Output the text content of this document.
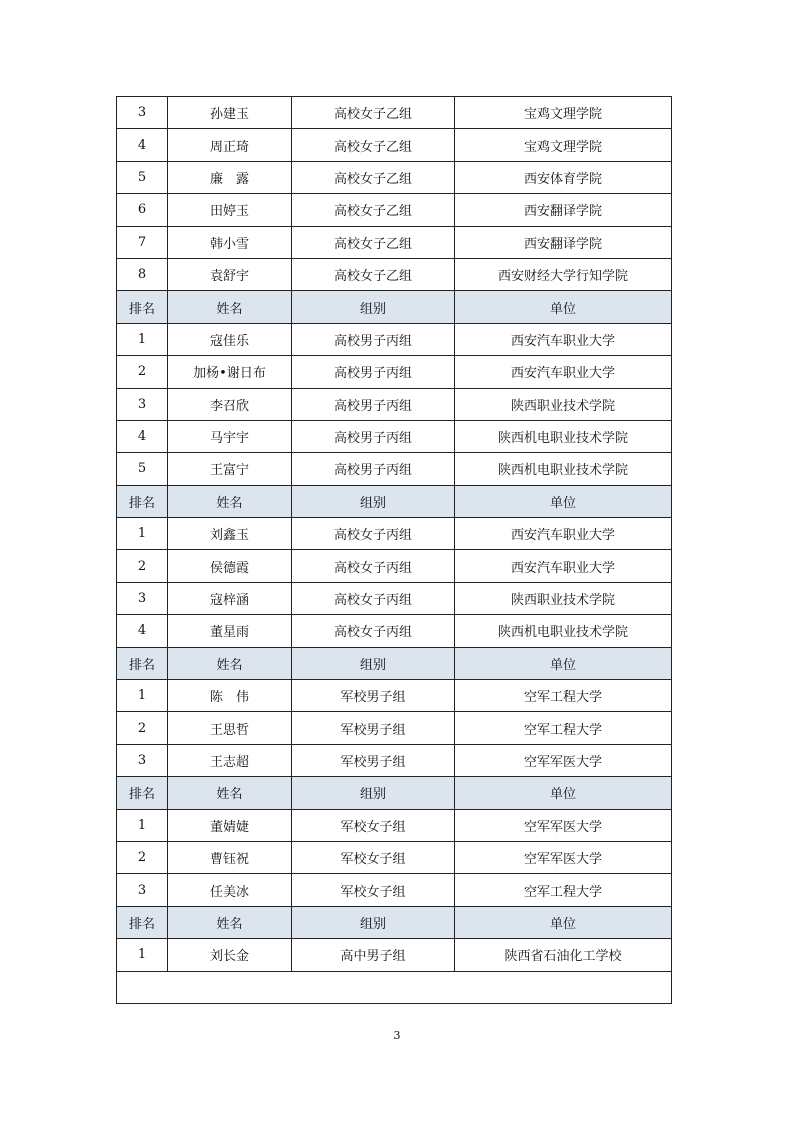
3	孙建玉	高校女子乙组	宝鸡文理学院
4	周正琦	高校女子乙组	宝鸡文理学院
5	廉　露	高校女子乙组	西安体育学院
6	田婷玉	高校女子乙组	西安翻译学院
7	韩小雪	高校女子乙组	西安翻译学院
8	袁舒宇	高校女子乙组	西安财经大学行知学院
排名	姓名	组别	单位
1	寇佳乐	高校男子丙组	西安汽车职业大学
2	加杨•谢日布	高校男子丙组	西安汽车职业大学
3	李召欣	高校男子丙组	陕西职业技术学院
4	马宇宇	高校男子丙组	陕西机电职业技术学院
5	王富宁	高校男子丙组	陕西机电职业技术学院
排名	姓名	组别	单位
1	刘鑫玉	高校女子丙组	西安汽车职业大学
2	侯德霞	高校女子丙组	西安汽车职业大学
3	寇梓涵	高校女子丙组	陕西职业技术学院
4	董星雨	高校女子丙组	陕西机电职业技术学院
排名	姓名	组别	单位
1	陈　伟	军校男子组	空军工程大学
2	王思哲	军校男子组	空军工程大学
3	王志超	军校男子组	空军军医大学
排名	姓名	组别	单位
1	董婧婕	军校女子组	空军军医大学
2	曹钰祝	军校女子组	空军军医大学
3	任美冰	军校女子组	空军工程大学
排名	姓名	组别	单位
1	刘长金	高中男子组	陕西省石油化工学校

3
